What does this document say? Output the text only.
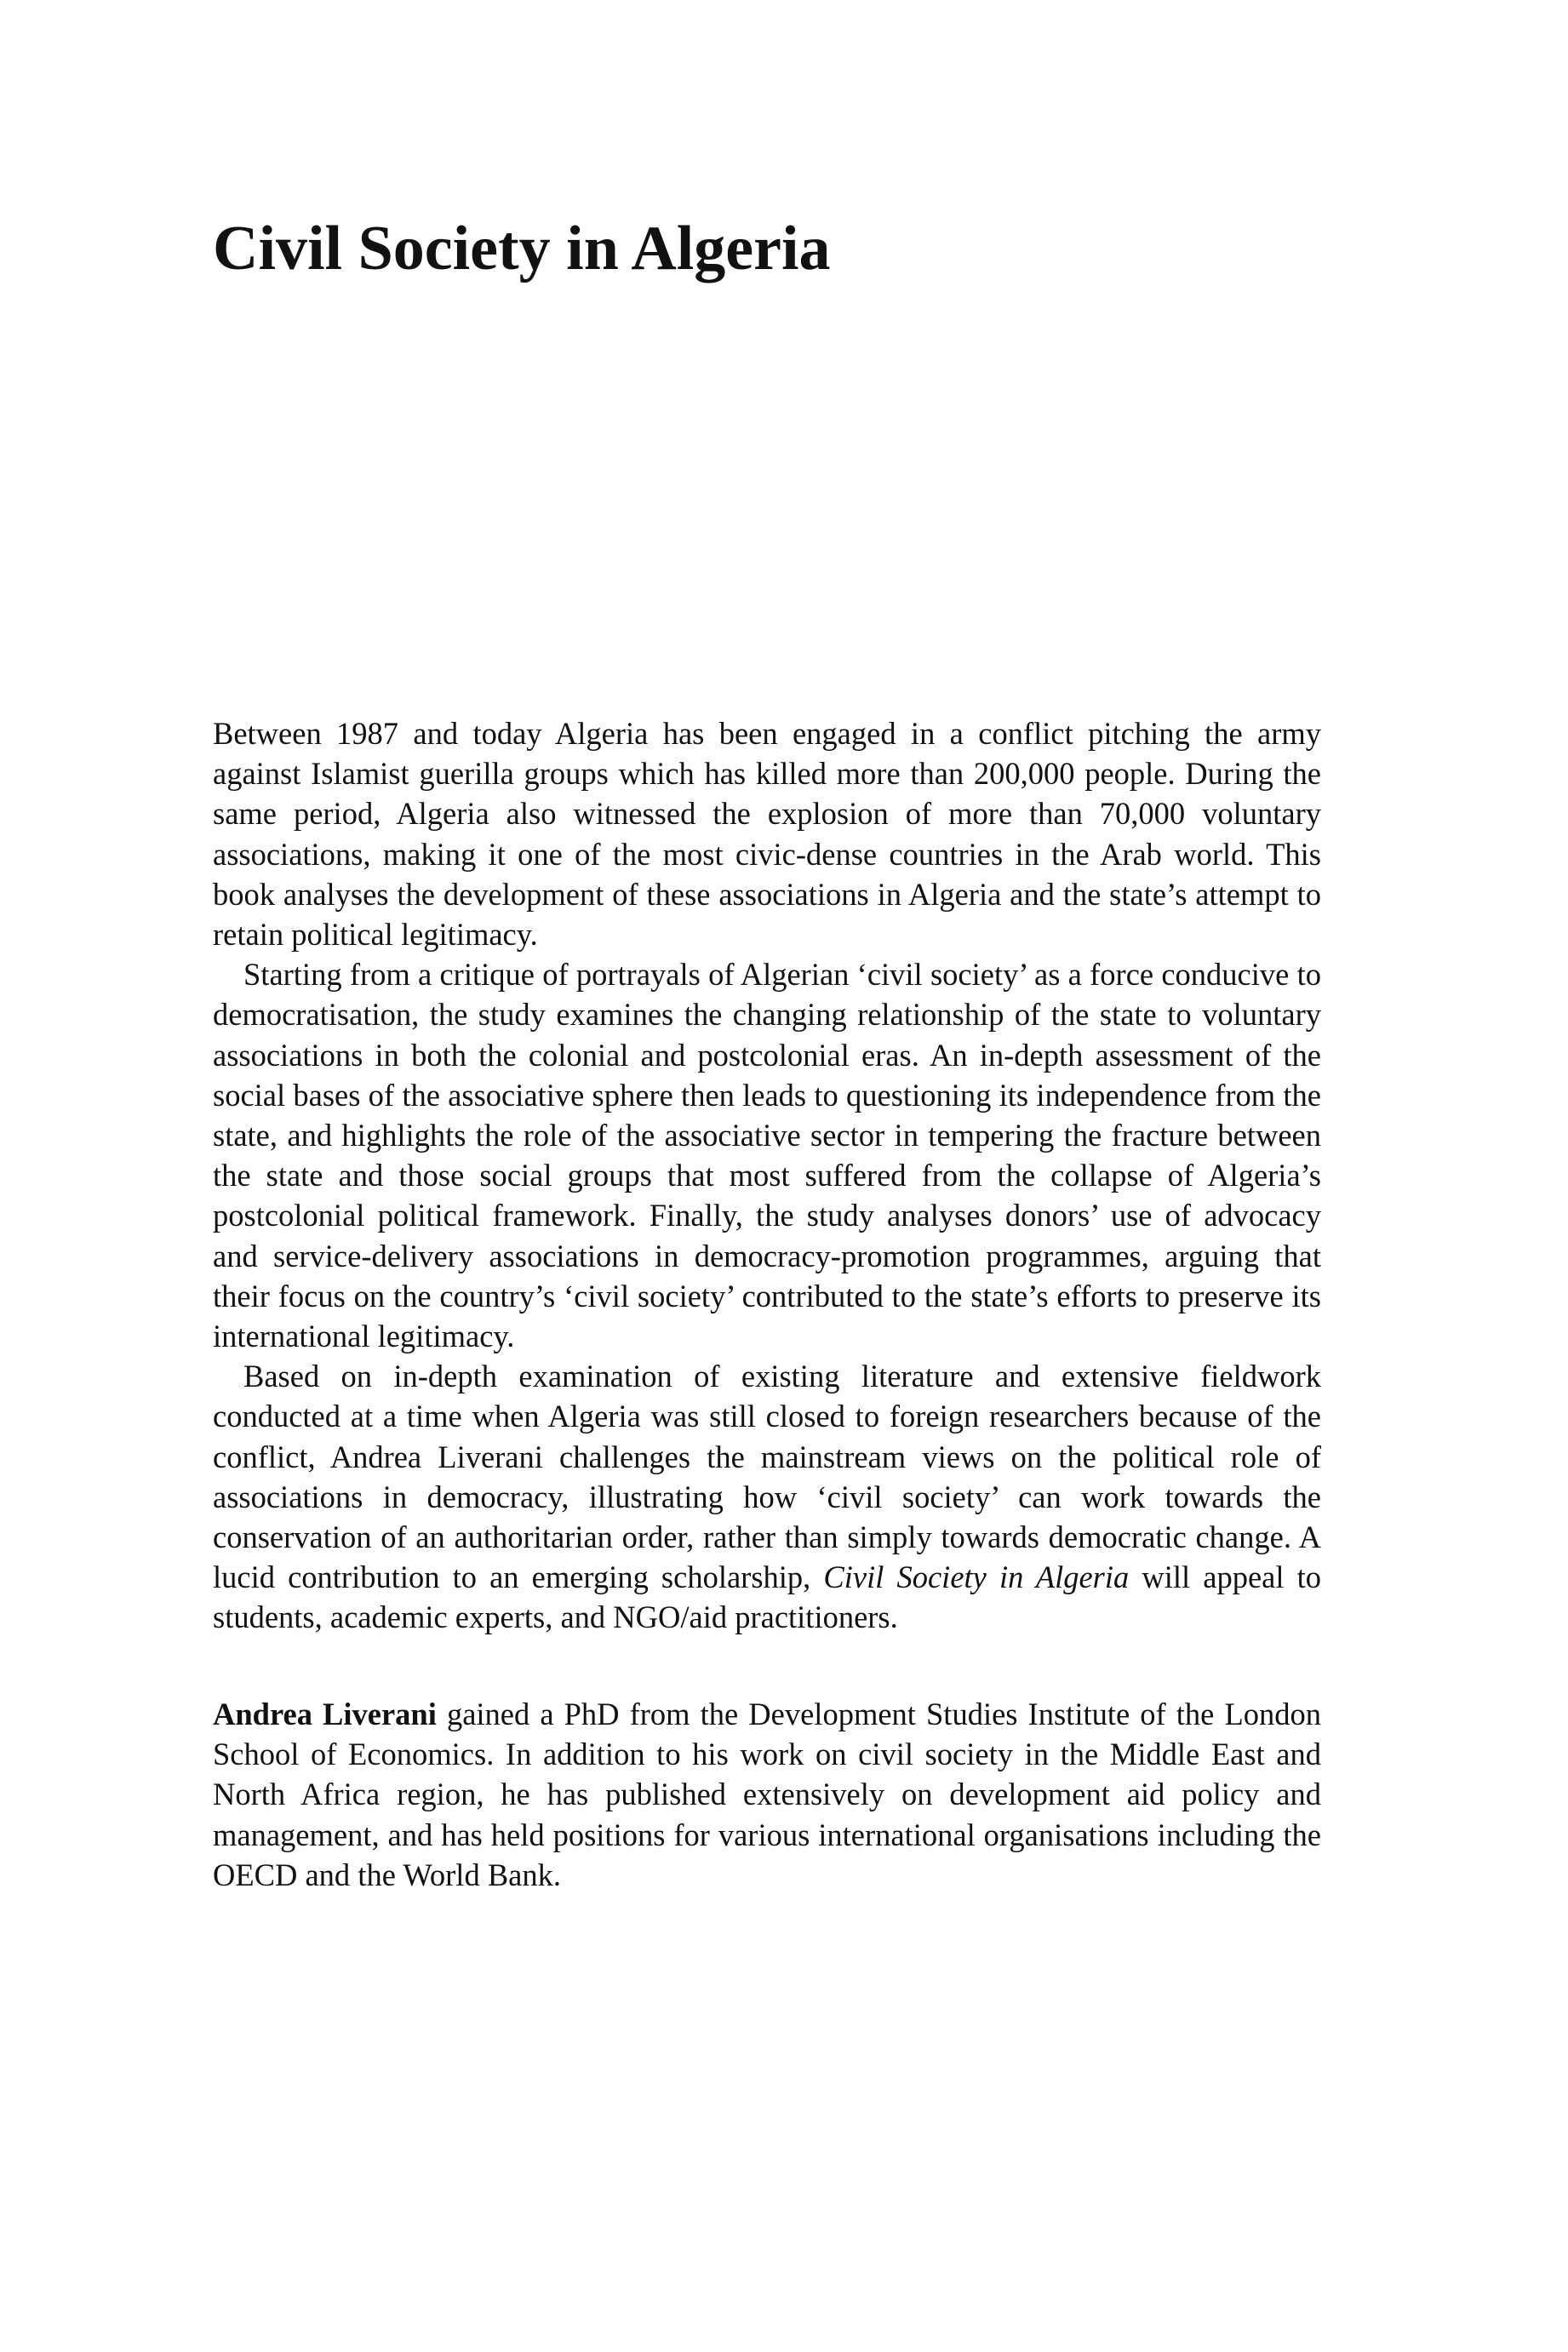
Civil Society in Algeria

Between 1987 and today Algeria has been engaged in a conflict pitching the army against Islamist guerilla groups which has killed more than 200,000 people. During the same period, Algeria also witnessed the explosion of more than 70,000 voluntary associations, making it one of the most civic-dense countries in the Arab world. This book analyses the development of these associations in Algeria and the state’s attempt to retain political legitimacy.

Starting from a critique of portrayals of Algerian ‘civil society’ as a force conducive to democratisation, the study examines the changing relationship of the state to voluntary associations in both the colonial and postcolonial eras. An in-depth assessment of the social bases of the associative sphere then leads to questioning its independence from the state, and highlights the role of the associative sector in tempering the fracture between the state and those social groups that most suffered from the collapse of Algeria’s postcolonial political framework. Finally, the study analyses donors’ use of advocacy and service-delivery associations in democracy-promotion programmes, arguing that their focus on the country’s ‘civil society’ contributed to the state’s efforts to preserve its international legitimacy.

Based on in-depth examination of existing literature and extensive fieldwork conducted at a time when Algeria was still closed to foreign researchers because of the conflict, Andrea Liverani challenges the mainstream views on the political role of associations in democracy, illustrating how ‘civil society’ can work towards the conservation of an authoritarian order, rather than simply towards democratic change. A lucid contribution to an emerging scholarship, Civil Society in Algeria will appeal to students, academic experts, and NGO/aid practitioners.

Andrea Liverani gained a PhD from the Development Studies Institute of the London School of Economics. In addition to his work on civil society in the Middle East and North Africa region, he has published extensively on development aid policy and management, and has held positions for various international organisations including the OECD and the World Bank.
